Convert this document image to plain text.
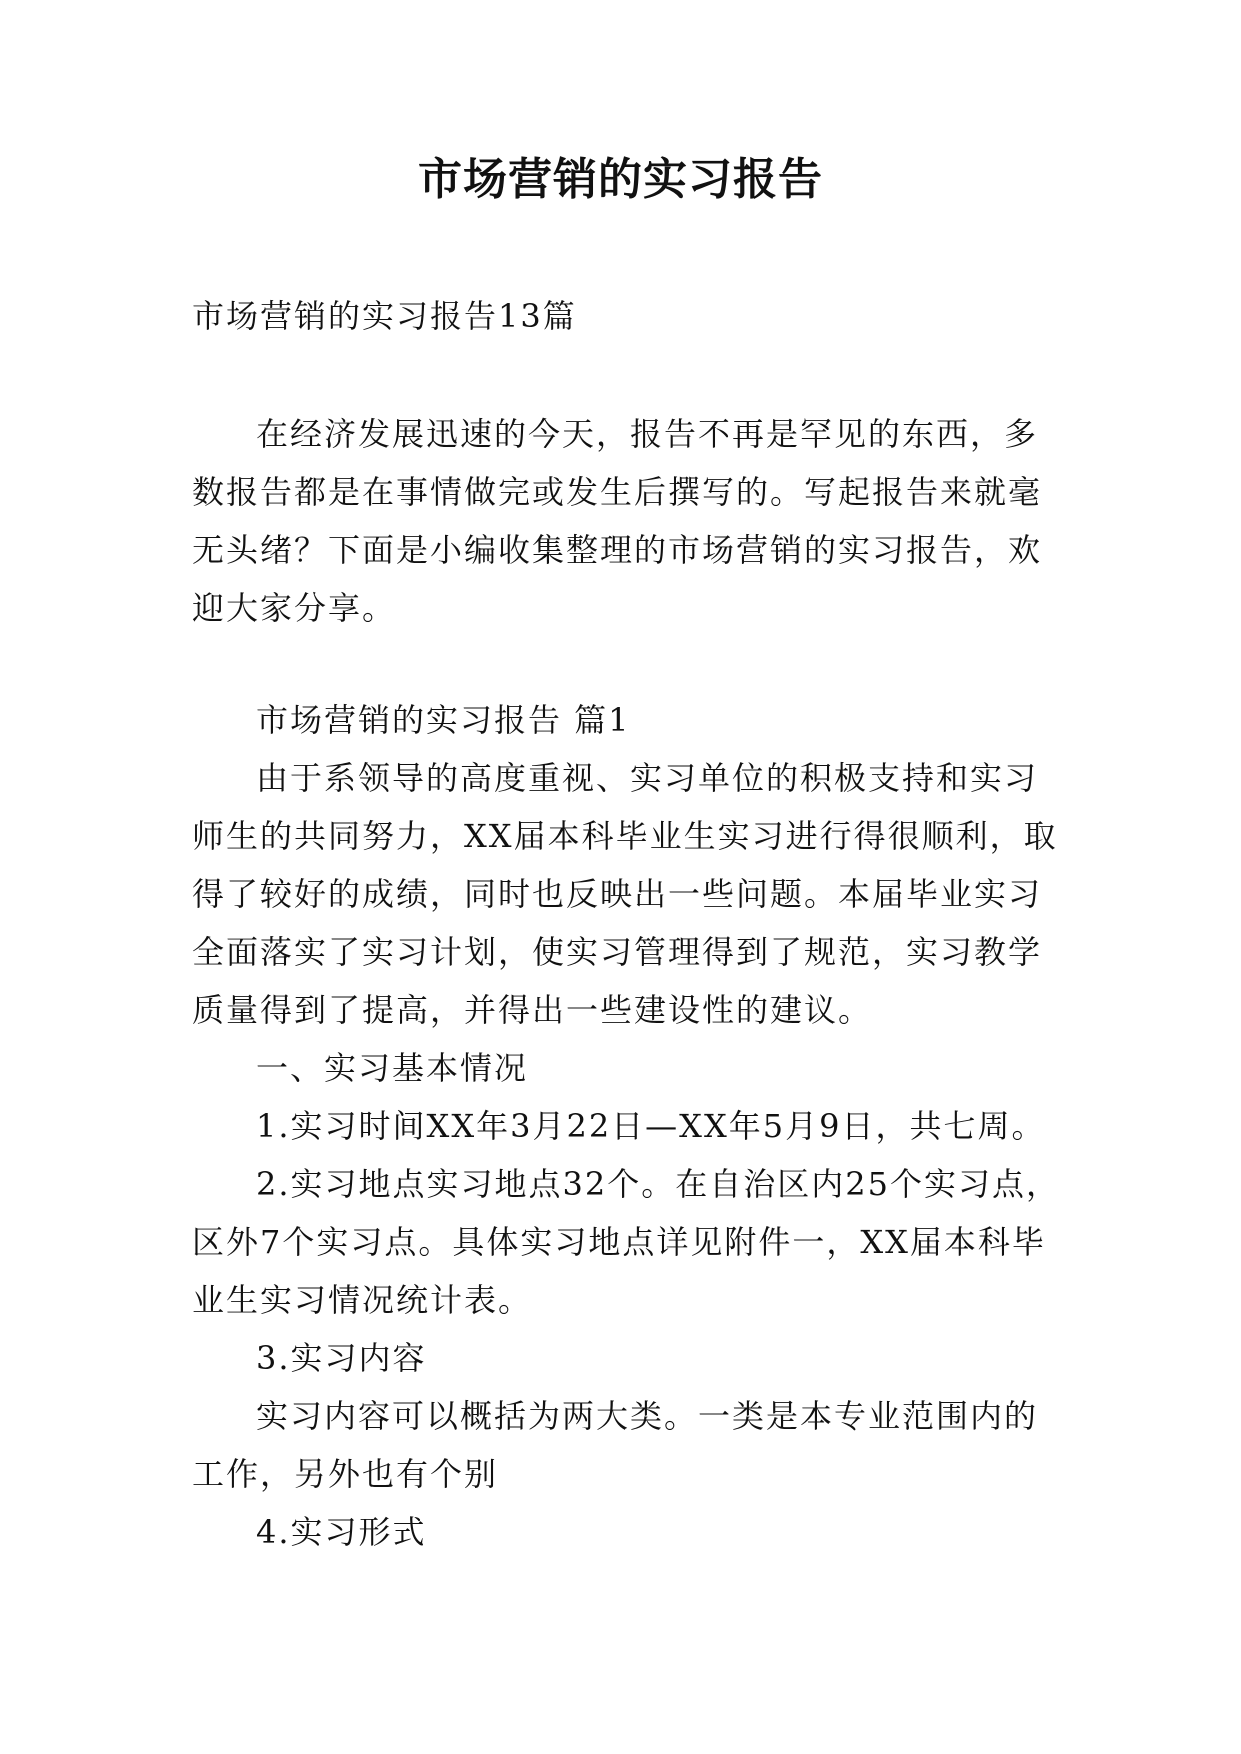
市场营销的实习报告
市场营销的实习报告13篇

在经济发展迅速的今天，报告不再是罕见的东西，多数报告都是在事情做完或发生后撰写的。写起报告来就毫无头绪？下面是小编收集整理的市场营销的实习报告，欢迎大家分享。

市场营销的实习报告 篇1

由于系领导的高度重视、实习单位的积极支持和实习师生的共同努力，XX届本科毕业生实习进行得很顺利，取得了较好的成绩，同时也反映出一些问题。本届毕业实习全面落实了实习计划，使实习管理得到了规范，实习教学质量得到了提高，并得出一些建设性的建议。

一、实习基本情况

1.实习时间XX年3月22日—XX年5月9日，共七周。

2.实习地点实习地点32个。在自治区内25个实习点，区外7个实习点。具体实习地点详见附件一，XX届本科毕业生实习情况统计表。

3.实习内容

实习内容可以概括为两大类。一类是本专业范围内的工作，另外也有个别

4.实习形式
